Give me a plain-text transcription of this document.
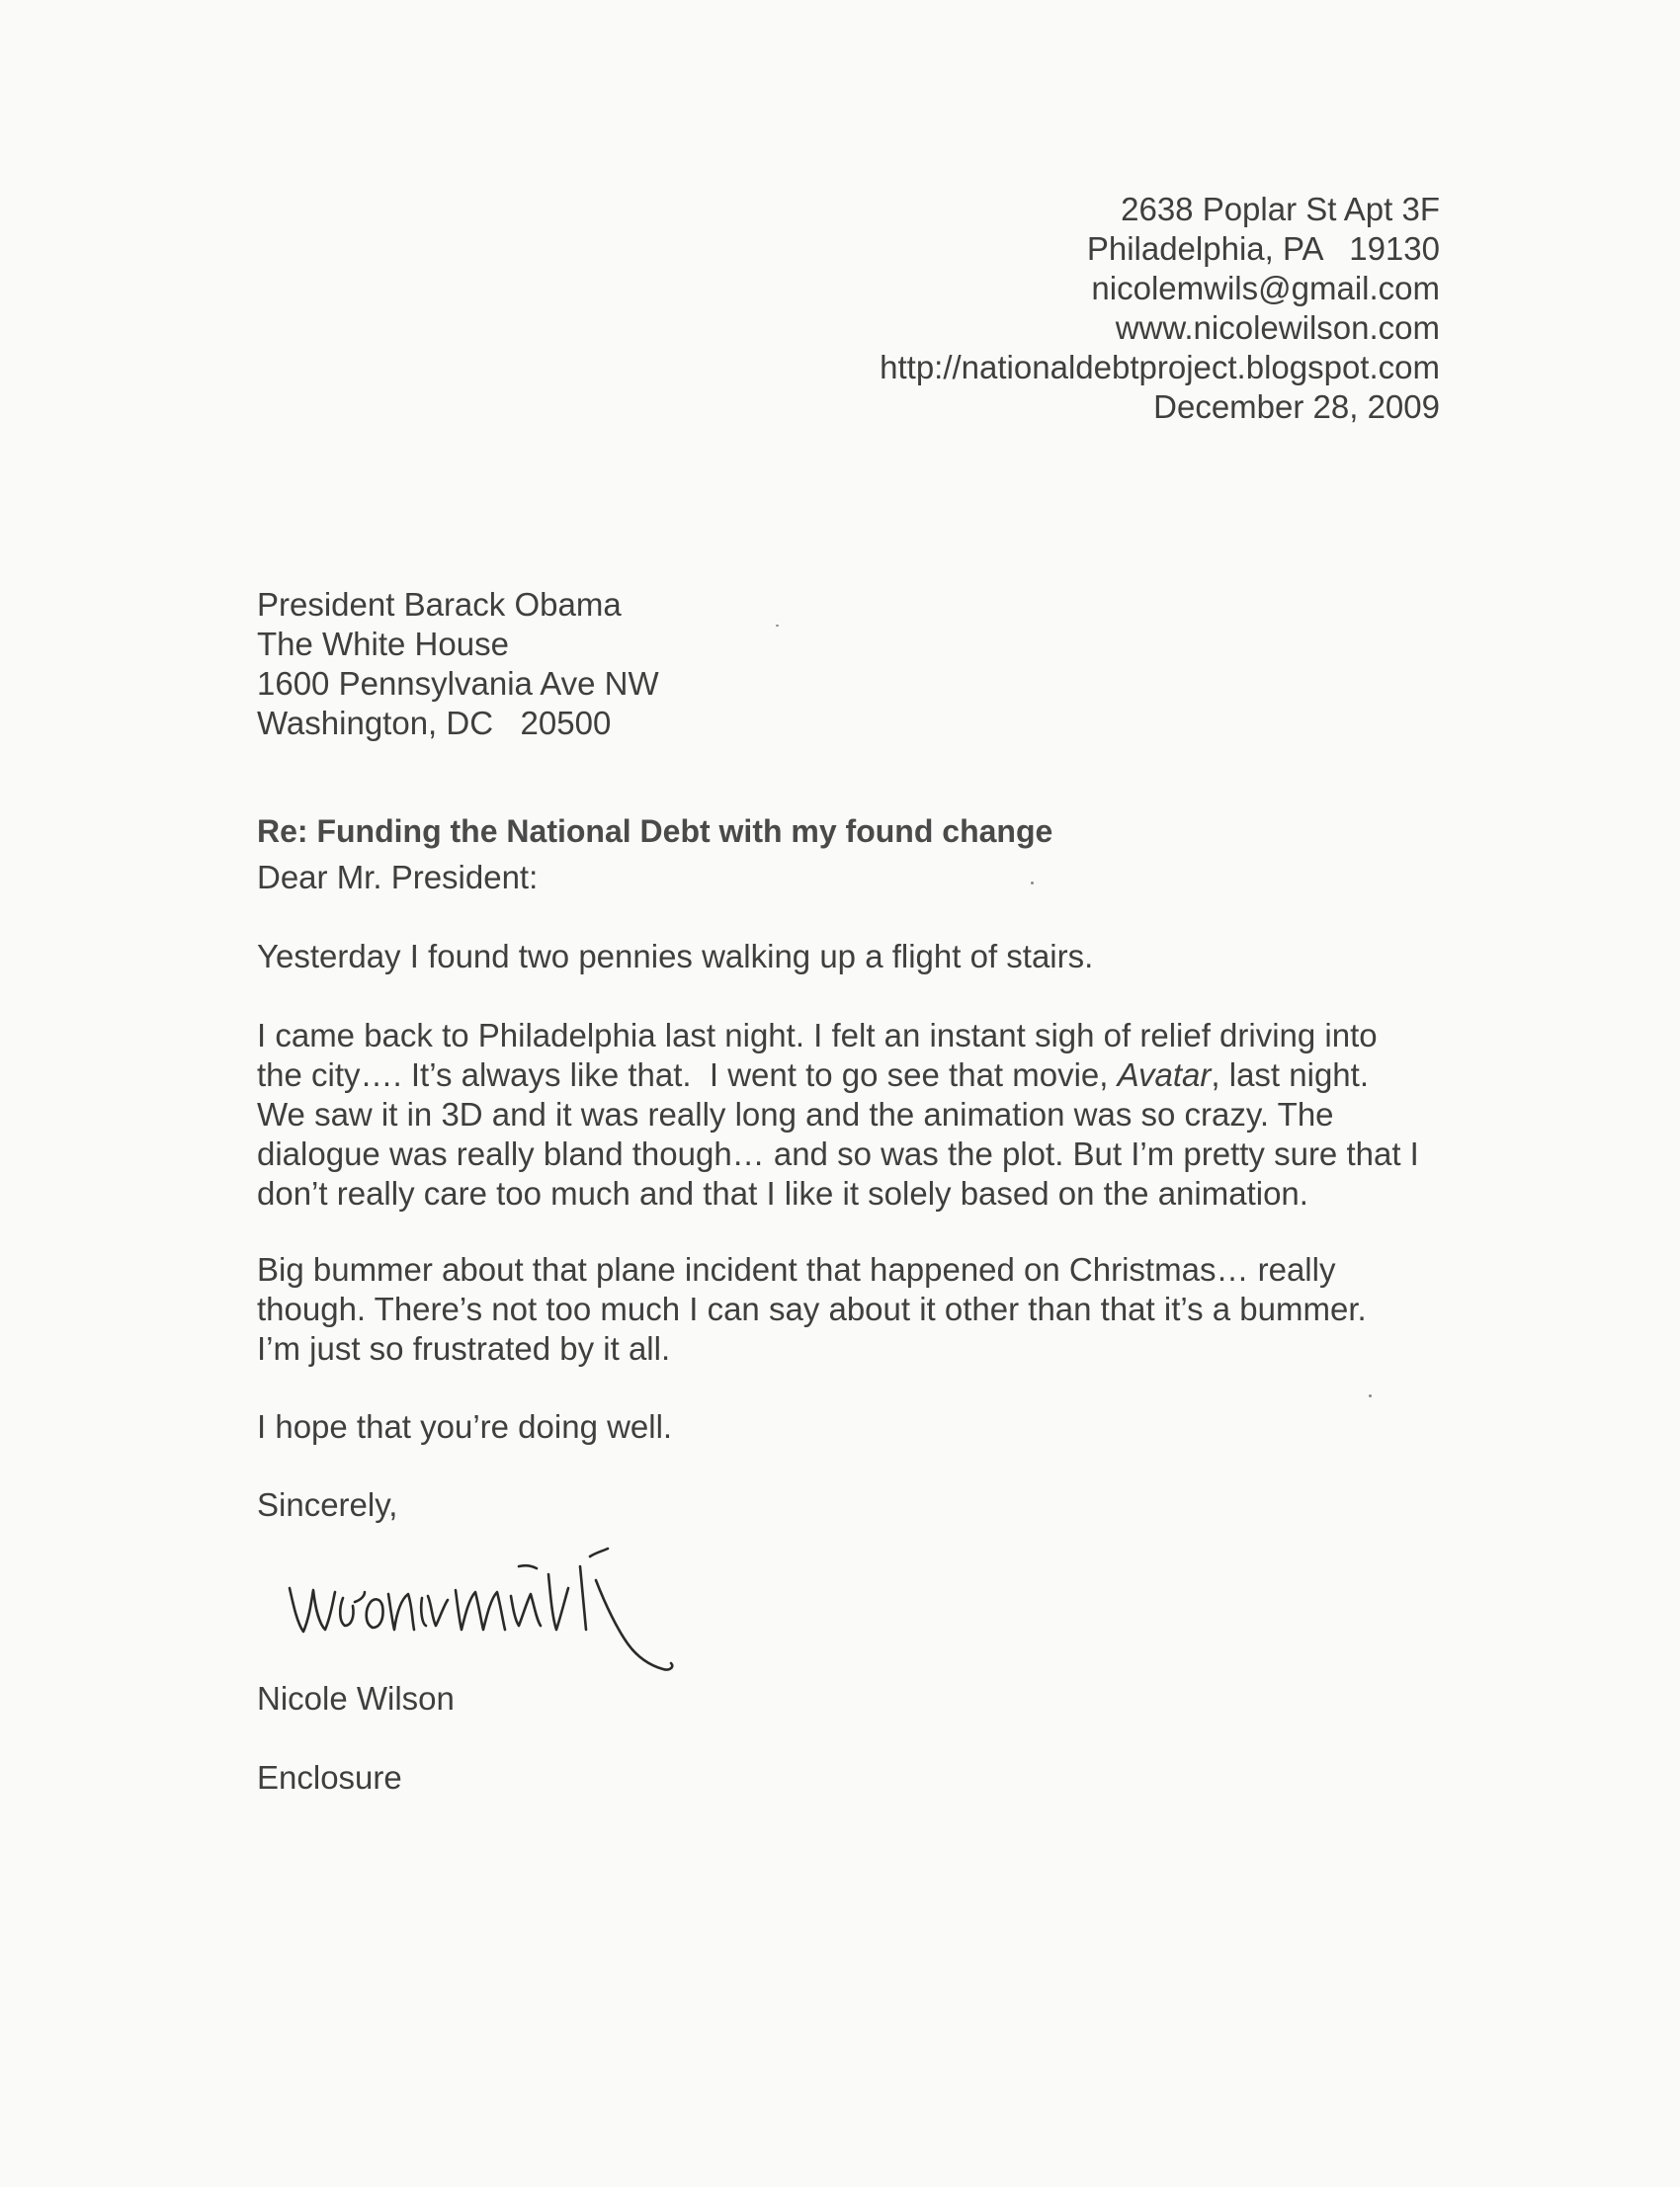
2638 Poplar St Apt 3F

Philadelphia, PA   19130

nicolemwils@gmail.com

www.nicolewilson.com

http://nationaldebtproject.blogspot.com

December 28, 2009

President Barack Obama

The White House

1600 Pennsylvania Ave NW

Washington, DC   20500

Re: Funding the National Debt with my found change

Dear Mr. President:

Yesterday I found two pennies walking up a flight of stairs.

I came back to Philadelphia last night. I felt an instant sigh of relief driving into

the city…. It’s always like that.  I went to go see that movie, Avatar, last night.

We saw it in 3D and it was really long and the animation was so crazy. The

dialogue was really bland though… and so was the plot. But I’m pretty sure that I

don’t really care too much and that I like it solely based on the animation.

Big bummer about that plane incident that happened on Christmas… really

though. There’s not too much I can say about it other than that it’s a bummer.

I’m just so frustrated by it all.

I hope that you’re doing well.

Sincerely,

Nicole Wilson

Enclosure
